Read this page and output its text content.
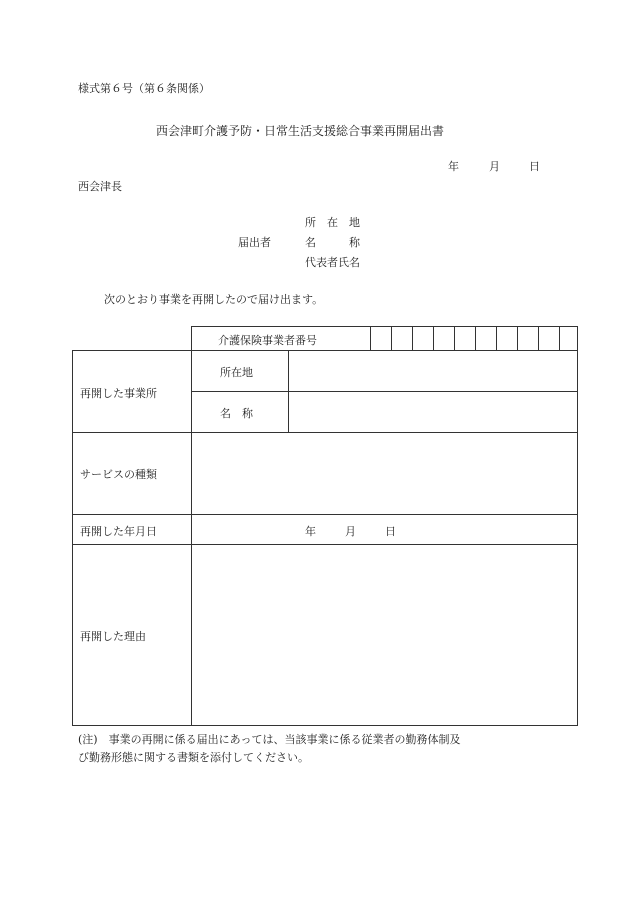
様式第６号（第６条関係）
西会津町介護予防・日常生活支援総合事業再開届出書
年	月	日
西会津長
所　在　地
届出者	名　　　称
代表者氏名
次のとおり事業を再開したので届け出ます。
介護保険事業者番号
再開した事業所
所在地
名　称
サービスの種類
再開した年月日	年	月	日
再開した理由
(注)　事業の再開に係る届出にあっては、当該事業に係る従業者の勤務体制及
び勤務形態に関する書類を添付してください。
